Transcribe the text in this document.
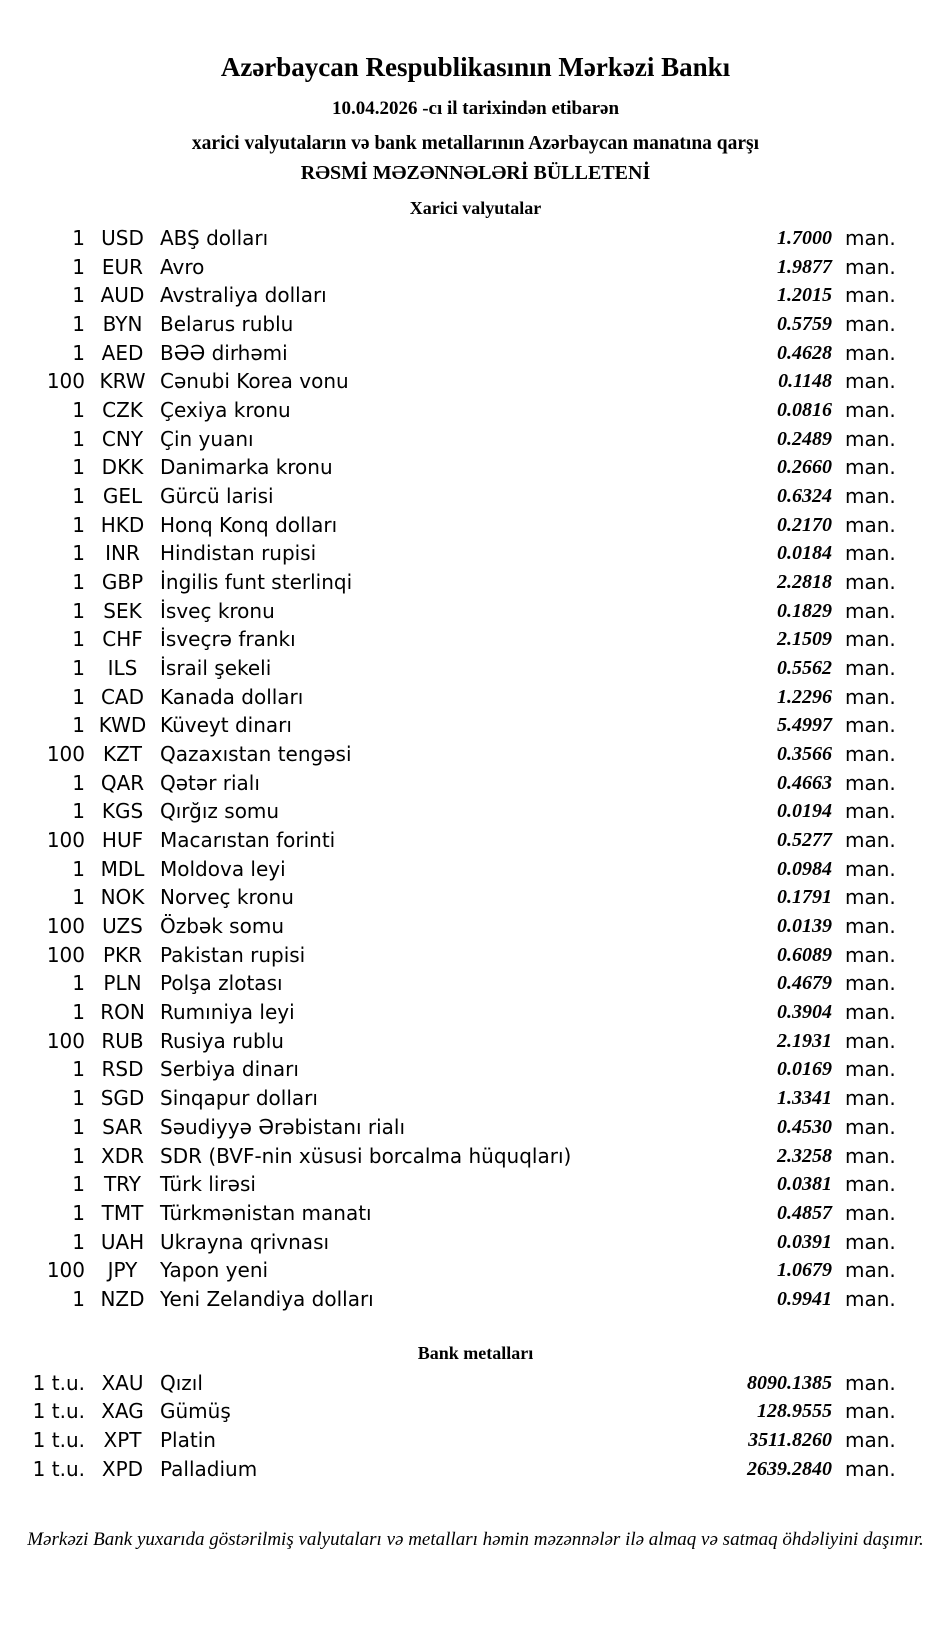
Azərbaycan Respublikasının Mərkəzi Bankı
10.04.2026 -cı il tarixindən etibarən
xarici valyutaların və bank metallarının Azərbaycan manatına qarşı
RƏSMİ MƏZƏNNƏLƏRİ BÜLLETENİ
Xarici valyutalar
1 USD ABŞ dolları	1.7000 man.
1 EUR Avro	1.9877 man.
1 AUD Avstraliya dolları	1.2015 man.
1 BYN Belarus rublu	0.5759 man.
1 AED BƏƏ dirhəmi	0.4628 man.
100 KRW Cənubi Korea vonu	0.1148 man.
1 CZK Çexiya kronu	0.0816 man.
1 CNY Çin yuanı	0.2489 man.
1 DKK Danimarka kronu	0.2660 man.
1 GEL Gürcü larisi	0.6324 man.
1 HKD Honq Konq dolları	0.2170 man.
1	INR	Hindistan rupisi	0.0184 man.
1 GBP İngilis funt sterlinqi	2.2818 man.
1 SEK İsveç kronu	0.1829 man.
1 CHF İsveçrə frankı	2.1509 man.
1	ILS	İsrail şekeli	0.5562 man.
1 CAD Kanada dolları	1.2296 man.
1 KWD Küveyt dinarı	5.4997 man.
100 KZT Qazaxıstan tengəsi	0.3566 man.
1 QAR Qətər rialı	0.4663 man.
1 KGS Qırğız somu	0.0194 man.
100 HUF Macarıstan forinti	0.5277 man.
1 MDL Moldova leyi	0.0984 man.
1 NOK Norveç kronu	0.1791 man.
100 UZS Özbək somu	0.0139 man.
100 PKR Pakistan rupisi	0.6089 man.
1 PLN Polşa zlotası	0.4679 man.
1 RON Rumıniya leyi	0.3904 man.
100 RUB Rusiya rublu	2.1931 man.
1 RSD Serbiya dinarı	0.0169 man.
1 SGD Sinqapur dolları	1.3341 man.
1 SAR Səudiyyə Ərəbistanı rialı	0.4530 man.
1 XDR SDR (BVF-nin xüsusi borcalma hüquqları)	2.3258 man.
1 TRY Türk lirəsi	0.0381 man.
1 TMT Türkmənistan manatı	0.4857 man.
1 UAH Ukrayna qrivnası	0.0391 man.
100	JPY	Yapon yeni	1.0679 man.
1 NZD Yeni Zelandiya dolları	0.9941 man.
Bank metalları
1 t.u. XAU Qızıl	8090.1385 man.
1 t.u. XAG Gümüş	128.9555 man.
1 t.u. XPT Platin	3511.8260 man.
1 t.u. XPD Palladium	2639.2840 man.
Mərkəzi Bank yuxarıda göstərilmiş valyutaları və metalları həmin məzənnələr ilə almaq və satmaq öhdəliyini daşımır.
